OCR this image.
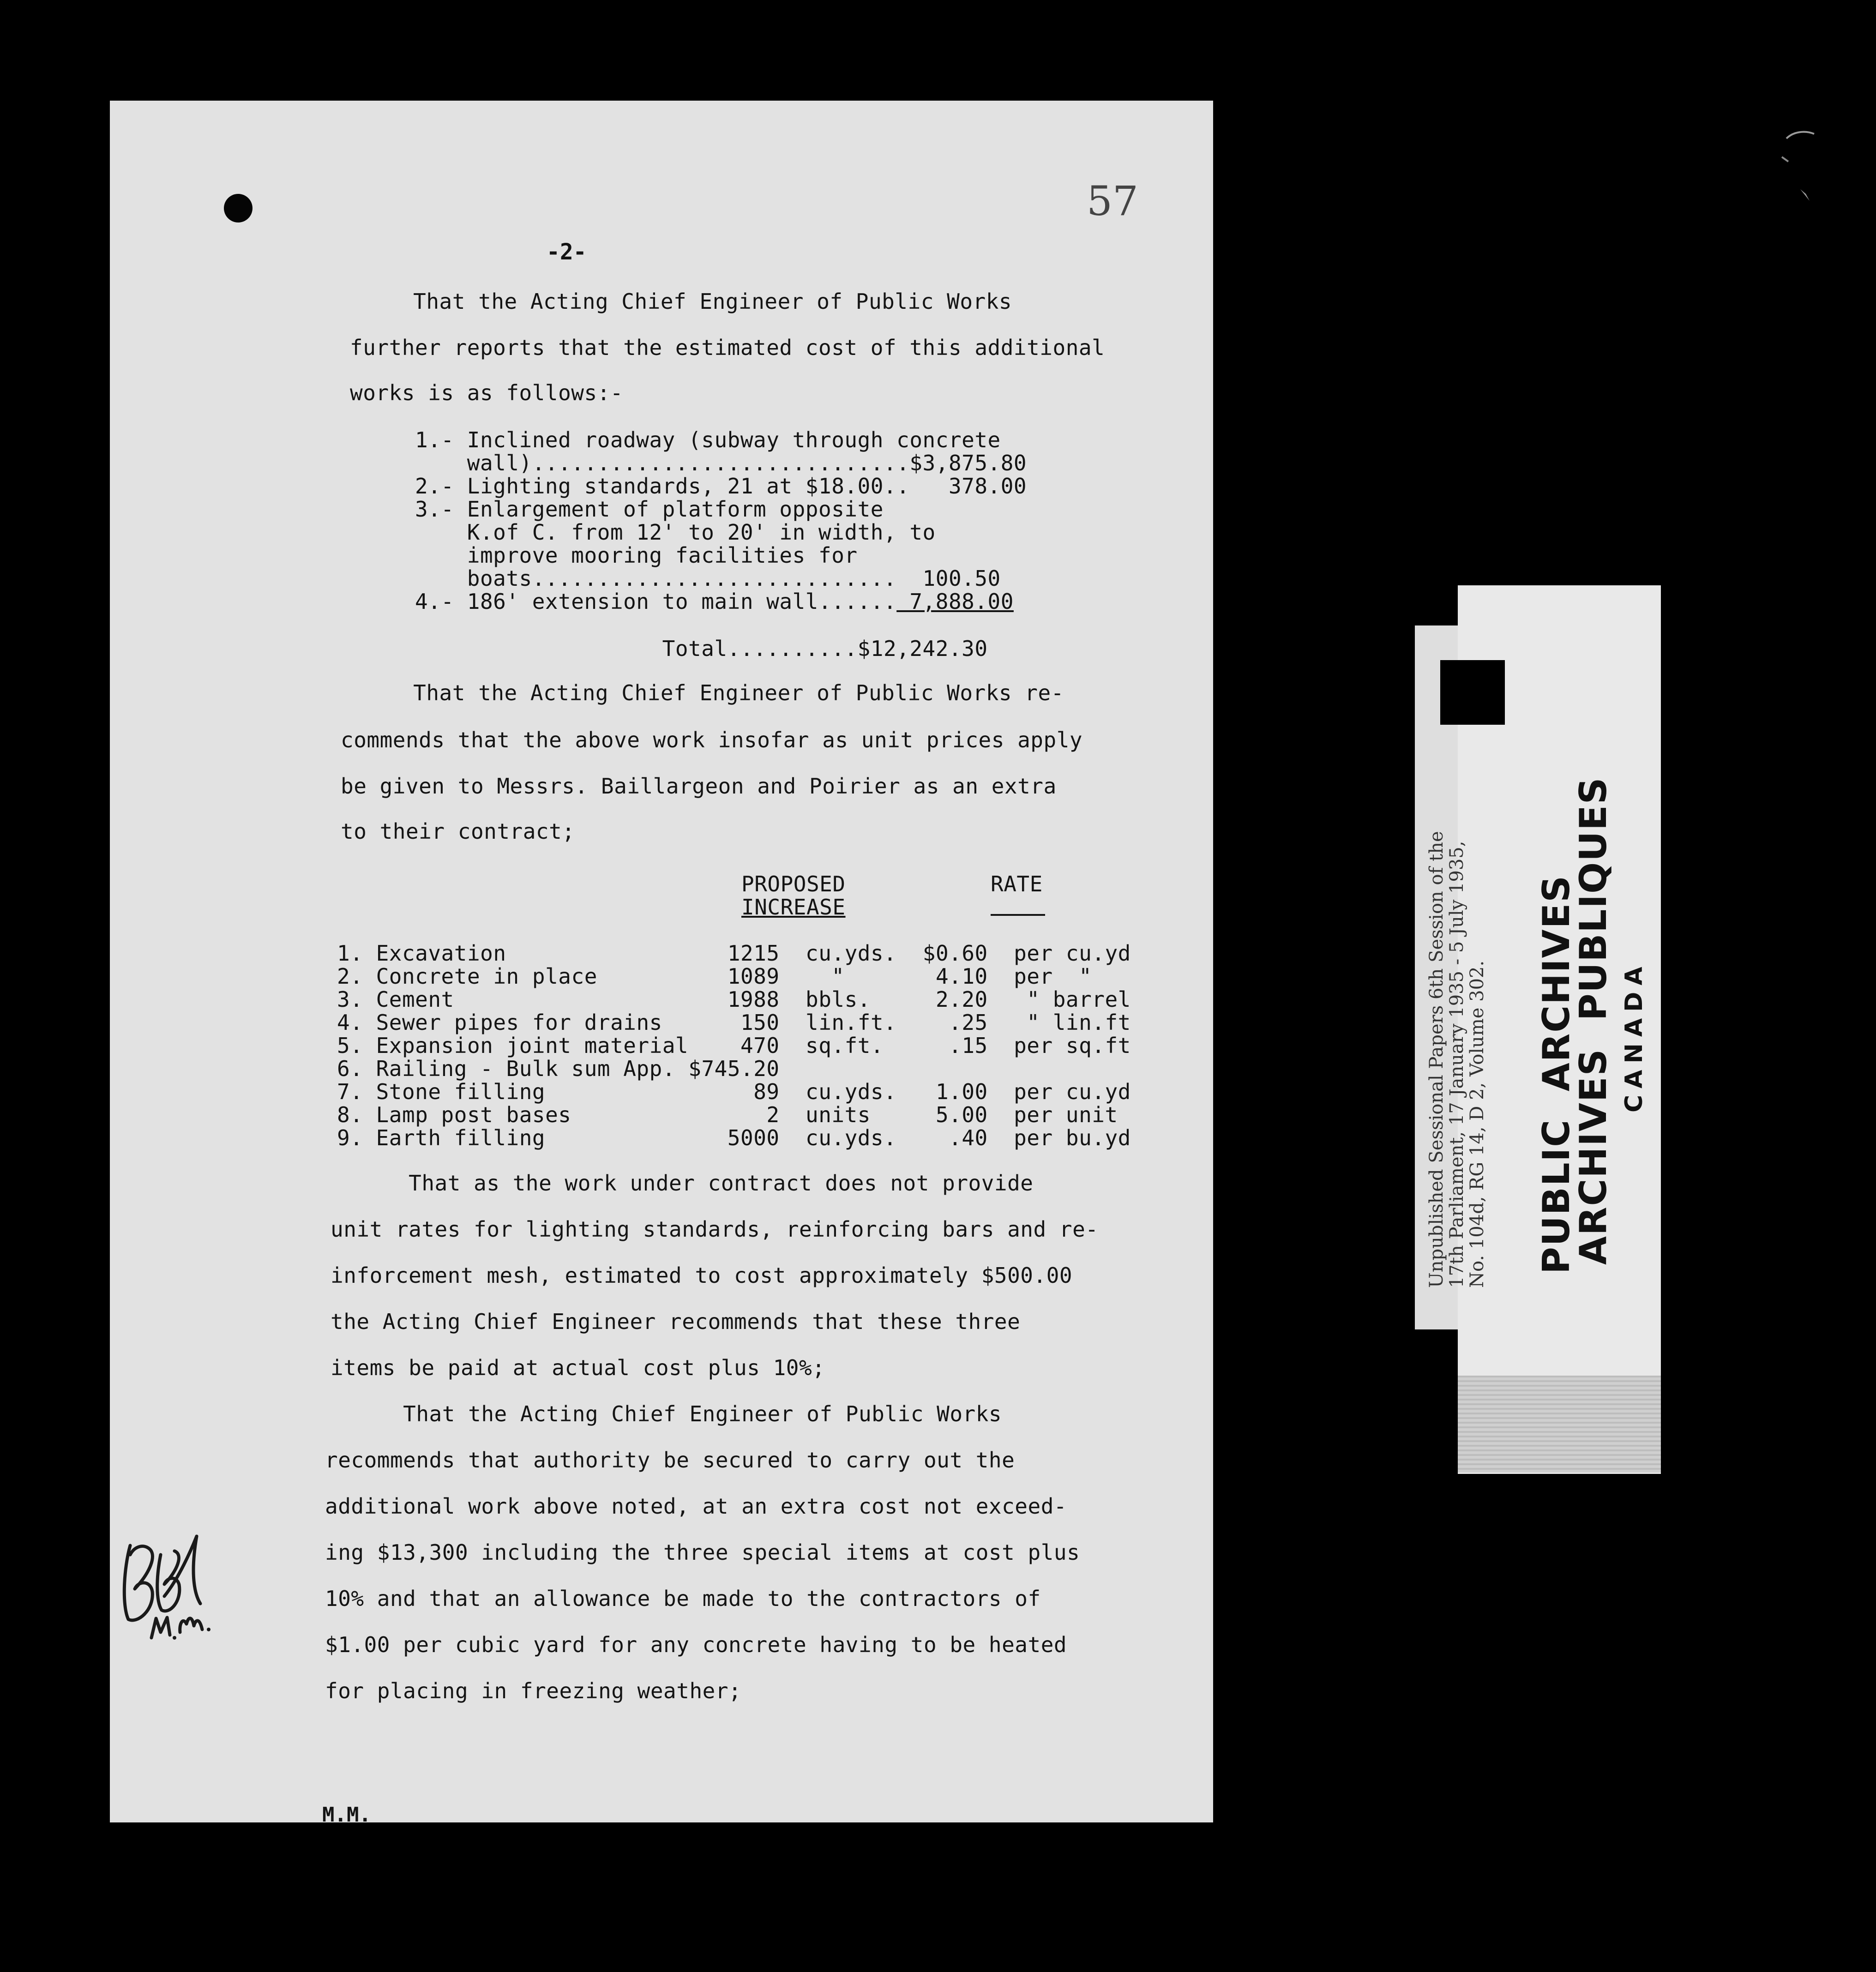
57
-2-

That the Acting Chief Engineer of Public Works

further reports that the estimated cost of this additional

works is as follows:-

1.- Inclined roadway (subway through concrete

wall).............................$3,875.80

2.- Lighting standards, 21 at $18.00..   378.00

3.- Enlargement of platform opposite

K.of C. from 12' to 20' in width, to

improve mooring facilities for

boats............................  100.50

4.- 186' extension to main wall...... 7,888.00

Total..........$12,242.30

That the Acting Chief Engineer of Public Works re-

commends that the above work insofar as unit prices apply

be given to Messrs. Baillargeon and Poirier as an extra

to their contract;

PROPOSED

INCREASE

RATE

1. Excavation                 1215  cu.yds.  $0.60  per cu.yd

2. Concrete in place          1089    "       4.10  per  "

3. Cement                     1988  bbls.     2.20   " barrel

4. Sewer pipes for drains      150  lin.ft.    .25   " lin.ft

5. Expansion joint material    470  sq.ft.     .15  per sq.ft

6. Railing - Bulk sum App. $745.20

7. Stone filling                89  cu.yds.   1.00  per cu.yd

8. Lamp post bases               2  units     5.00  per unit

9. Earth filling              5000  cu.yds.    .40  per bu.yd

That as the work under contract does not provide

unit rates for lighting standards, reinforcing bars and re-

inforcement mesh, estimated to cost approximately $500.00

the Acting Chief Engineer recommends that these three

items be paid at actual cost plus 10%;

That the Acting Chief Engineer of Public Works

recommends that authority be secured to carry out the

additional work above noted, at an extra cost not exceed-

ing $13,300 including the three special items at cost plus

10% and that an allowance be made to the contractors of

$1.00 per cubic yard for any concrete having to be heated

for placing in freezing weather;

M.M.
Unpublished Sessional Papers 6th Session of the
17th Parliament, 17 January 1935 - 5 July 1935,
No. 104d, RG 14, D 2, Volume 302. PUBLIC  ARCHIVES
ARCHIVES  PUBLIQUES CANADA
